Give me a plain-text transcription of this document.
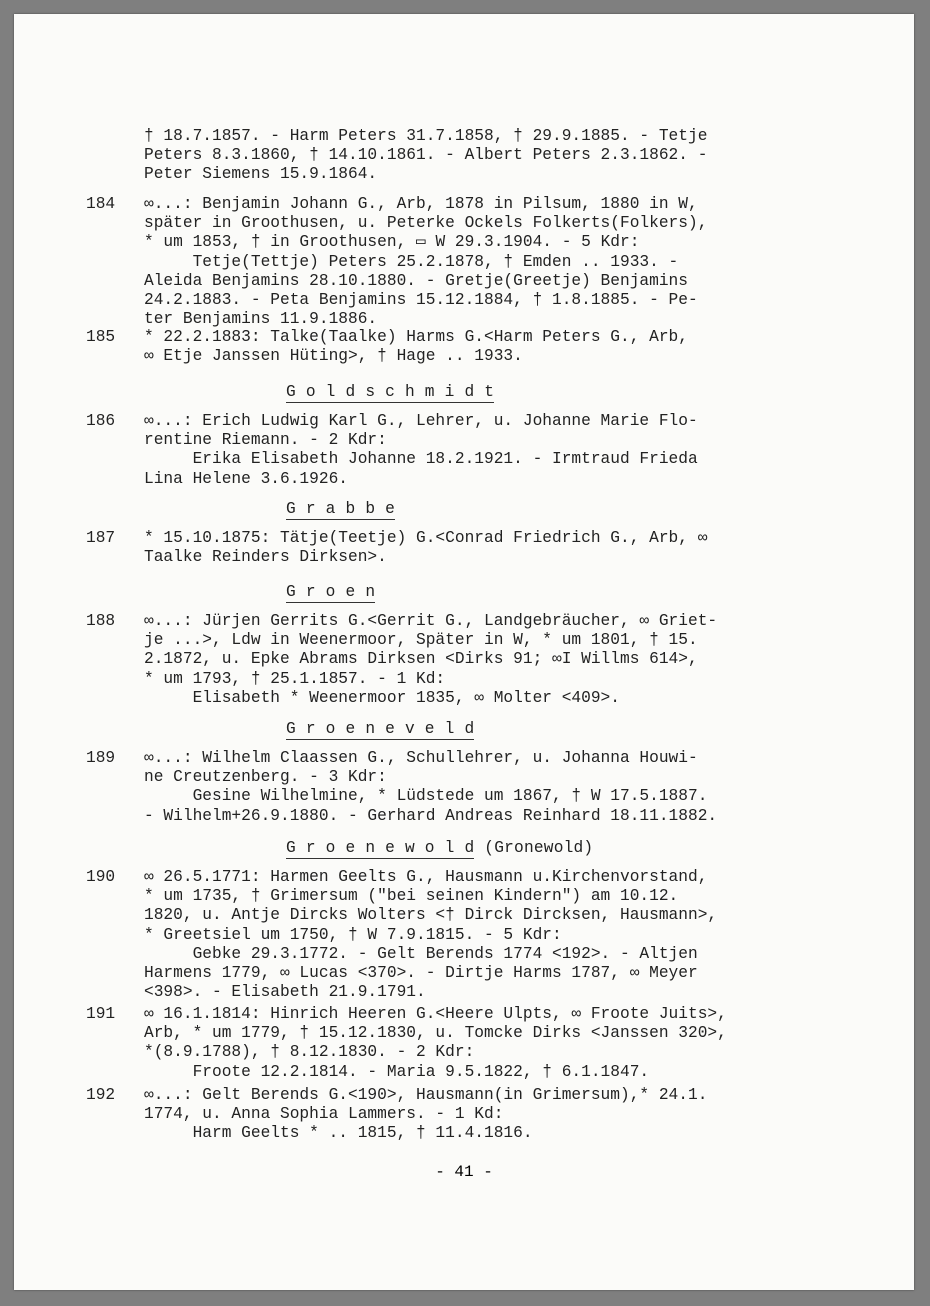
† 18.7.1857. - Harm Peters 31.7.1858, † 29.9.1885. - Tetje
Peters 8.3.1860, † 14.10.1861. - Albert Peters 2.3.1862. -
Peter Siemens 15.9.1864.
184 ∞...: Benjamin Johann G., Arb, 1878 in Pilsum, 1880 in W,
später in Groothusen, u. Peterke Ockels Folkerts(Folkers),
* um 1853, † in Groothusen, ▭ W 29.3.1904. - 5 Kdr:
Tetje(Tettje) Peters 25.2.1878, † Emden .. 1933. -
Aleida Benjamins 28.10.1880. - Gretje(Greetje) Benjamins
24.2.1883. - Peta Benjamins 15.12.1884, † 1.8.1885. - Pe-
ter Benjamins 11.9.1886.
185 * 22.2.1883: Talke(Taalke) Harms G.<Harm Peters G., Arb,
∞ Etje Janssen Hüting>, † Hage .. 1933.
G o l d s c h m i d t
186 ∞...: Erich Ludwig Karl G., Lehrer, u. Johanne Marie Flo-
rentine Riemann. - 2 Kdr:
Erika Elisabeth Johanne 18.2.1921. - Irmtraud Frieda
Lina Helene 3.6.1926.
G r a b b e
187 * 15.10.1875: Tätje(Teetje) G.<Conrad Friedrich G., Arb, ∞
Taalke Reinders Dirksen>.
G r o e n
188 ∞...: Jürjen Gerrits G.<Gerrit G., Landgebräucher, ∞ Griet-
je ...>, Ldw in Weenermoor, Später in W, * um 1801, † 15.
2.1872, u. Epke Abrams Dirksen <Dirks 91; ∞I Willms 614>,
* um 1793, † 25.1.1857. - 1 Kd:
Elisabeth * Weenermoor 1835, ∞ Molter <409>.
G r o e n e v e l d
189 ∞...: Wilhelm Claassen G., Schullehrer, u. Johanna Houwi-
ne Creutzenberg. - 3 Kdr:
Gesine Wilhelmine, * Lüdstede um 1867, † W 17.5.1887.
- Wilhelm+26.9.1880. - Gerhard Andreas Reinhard 18.11.1882.
G r o e n e w o l d (Gronewold)
190 ∞ 26.5.1771: Harmen Geelts G., Hausmann u.Kirchenvorstand,
* um 1735, † Grimersum ("bei seinen Kindern") am 10.12.
1820, u. Antje Dircks Wolters <† Dirck Dircksen, Hausmann>,
* Greetsiel um 1750, † W 7.9.1815. - 5 Kdr:
Gebke 29.3.1772. - Gelt Berends 1774 <192>. - Altjen
Harmens 1779, ∞ Lucas <370>. - Dirtje Harms 1787, ∞ Meyer
<398>. - Elisabeth 21.9.1791.
191 ∞ 16.1.1814: Hinrich Heeren G.<Heere Ulpts, ∞ Froote Juits>,
Arb, * um 1779, † 15.12.1830, u. Tomcke Dirks <Janssen 320>,
*(8.9.1788), † 8.12.1830. - 2 Kdr:
Froote 12.2.1814. - Maria 9.5.1822, † 6.1.1847.
192 ∞...: Gelt Berends G.<190>, Hausmann(in Grimersum),* 24.1.
1774, u. Anna Sophia Lammers. - 1 Kd:
Harm Geelts * .. 1815, † 11.4.1816.
- 41 -
